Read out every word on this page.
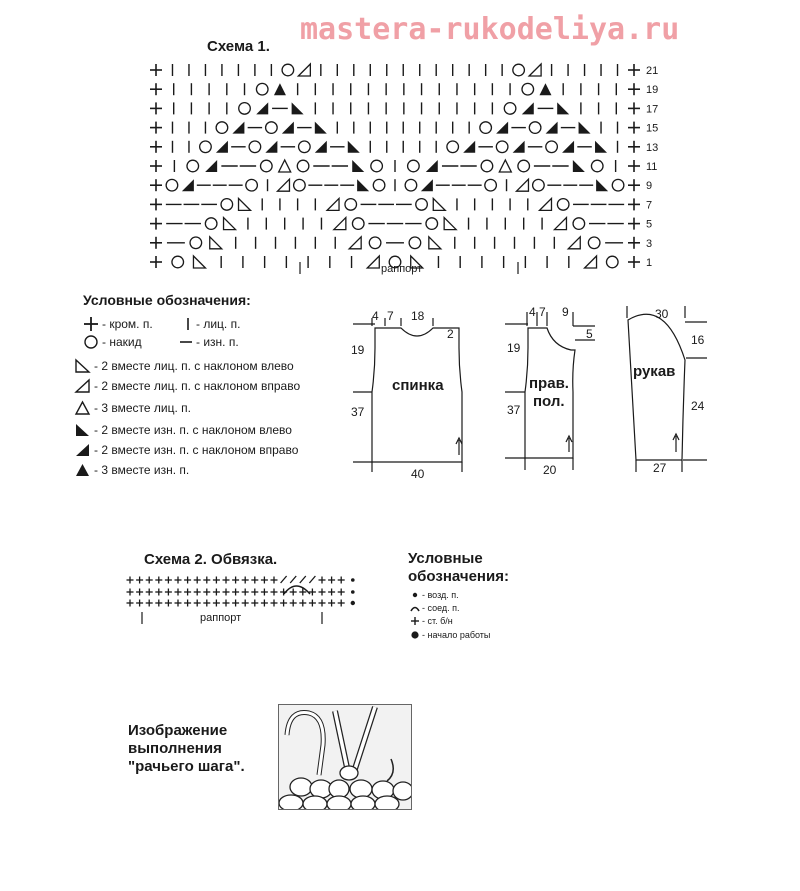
mastera-rukodeliya.ru
Схема 1.
21
19
17
15
13
11
9
7
5
3
1
раппорт
Условные обозначения:
- кром. п.	- лиц. п.
- накид	- изн. п.
- 2 вместе лиц. п. с наклоном влево
- 2 вместе лиц. п. с наклоном вправо
- 3 вместе лиц. п.
- 2 вместе изн. п. с наклоном влево
- 2 вместе изн. п. с наклоном вправо
- 3 вместе изн. п.
4 7 18
2
19
37
40
спинка
4 7 9
5
19
37
20
прав.
пол.
30
16
24
27
рукав
Схема 2. Обвязка.
раппорт
Условные
обозначения:
- возд. п.
- соед. п.
- ст. б/н
- начало работы
Изображение
выполнения
"рачьего шага".
